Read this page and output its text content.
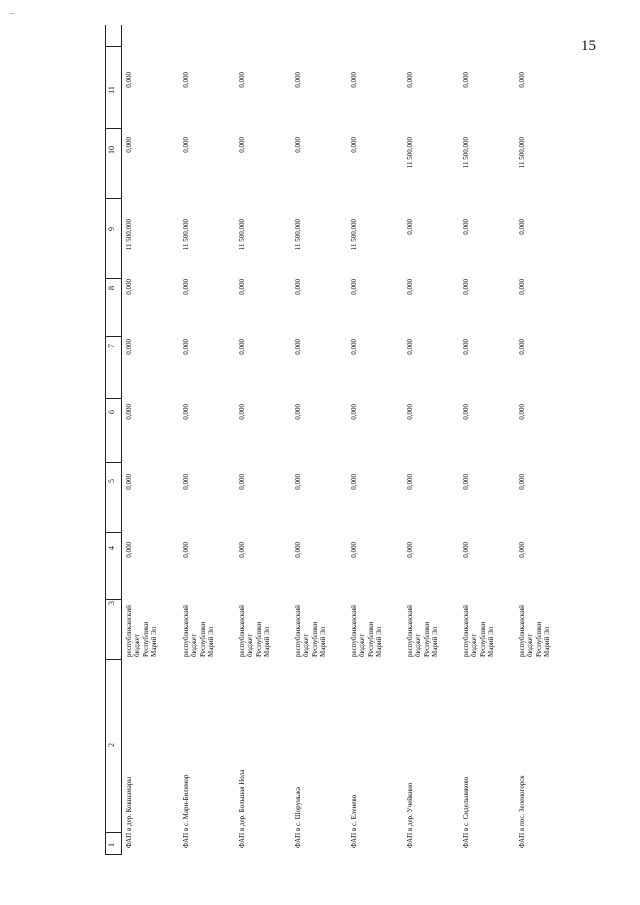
–
15
1
2
3
4
5
6
7
8
9
10
11
ФАП в дер. Кокшамары
республиканский бюджет Республики Марий Эл
0,000
0,000
0,000
0,000
0,000
11 500,000
0,000
0,000
ФАП в с. Мари-Билямор
республиканский бюджет Республики Марий Эл
0,000
0,000
0,000
0,000
0,000
11 500,000
0,000
0,000
ФАП в дер. Большая Нола
республиканский бюджет Республики Марий Эл
0,000
0,000
0,000
0,000
0,000
11 500,000
0,000
0,000
ФАП в с. Шоруньжа
республиканский бюджет Республики Марий Эл
0,000
0,000
0,000
0,000
0,000
11 500,000
0,000
0,000
ФАП в с. Еленево
республиканский бюджет Республики Марий Эл
0,000
0,000
0,000
0,000
0,000
11 500,000
0,000
0,000
ФАП в дер. Учейкино
республиканский бюджет Республики Марий Эл
0,000
0,000
0,000
0,000
0,000
0,000
11 500,000
0,000
ФАП в с. Сидельниково
республиканский бюджет Республики Марий Эл
0,000
0,000
0,000
0,000
0,000
0,000
11 500,000
0,000
ФАП в пос. Зеленогорск
республиканский бюджет Республики Марий Эл
0,000
0,000
0,000
0,000
0,000
0,000
11 500,000
0,000
